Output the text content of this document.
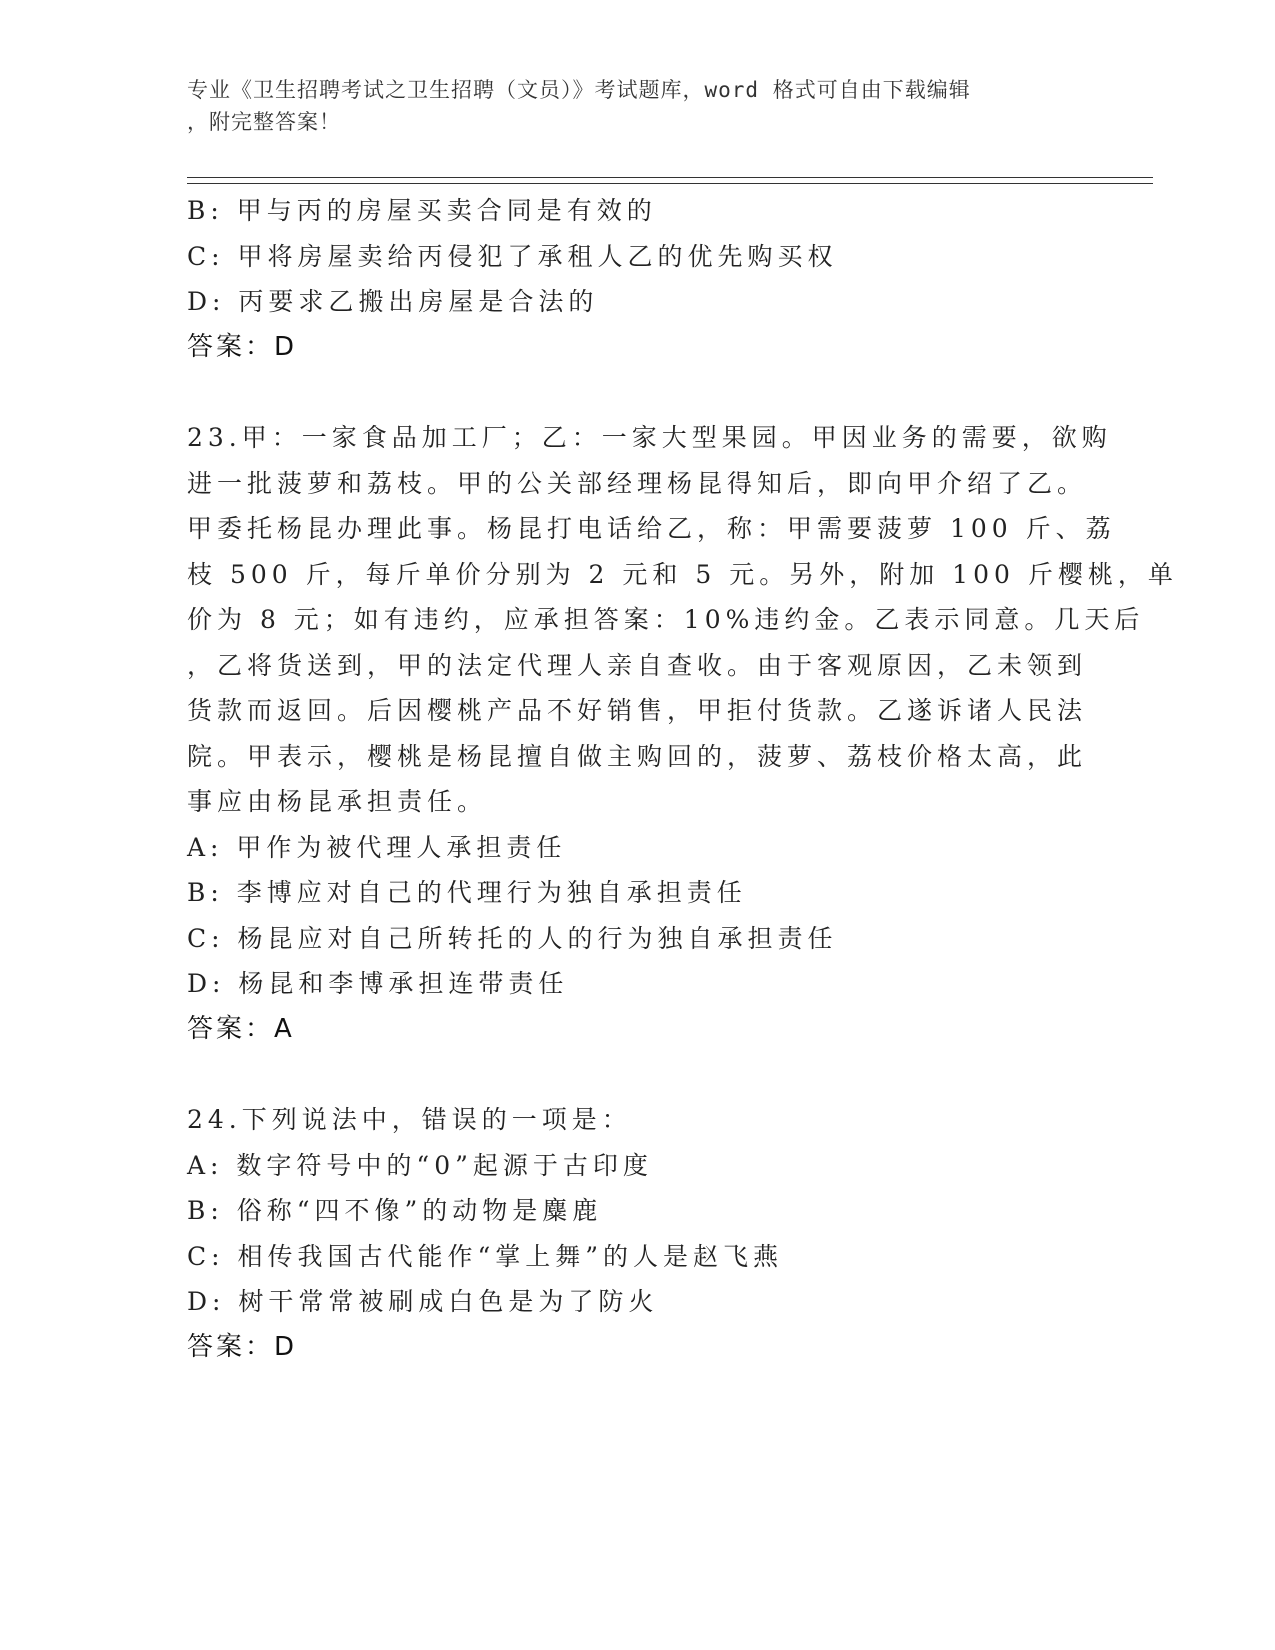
专业《卫生招聘考试之卫生招聘（文员）》考试题库，word 格式可自由下载编辑
，附完整答案！
B: 甲与丙的房屋买卖合同是有效的
C: 甲将房屋卖给丙侵犯了承租人乙的优先购买权
D: 丙要求乙搬出房屋是合法的
答案：D
23.甲：一家食品加工厂；乙：一家大型果园。甲因业务的需要，欲购
进一批菠萝和荔枝。甲的公关部经理杨昆得知后，即向甲介绍了乙。
甲委托杨昆办理此事。杨昆打电话给乙，称：甲需要菠萝 100 斤、荔
枝 500 斤，每斤单价分别为 2 元和 5 元。另外，附加 100 斤樱桃，单
价为 8 元；如有违约，应承担答案：10%违约金。乙表示同意。几天后
，乙将货送到，甲的法定代理人亲自查收。由于客观原因，乙未领到
货款而返回。后因樱桃产品不好销售，甲拒付货款。乙遂诉诸人民法
院。甲表示，樱桃是杨昆擅自做主购回的，菠萝、荔枝价格太高，此
事应由杨昆承担责任。
A: 甲作为被代理人承担责任
B: 李博应对自己的代理行为独自承担责任
C: 杨昆应对自己所转托的人的行为独自承担责任
D: 杨昆和李博承担连带责任
答案：A
24.下列说法中，错误的一项是：
A: 数字符号中的“0”起源于古印度
B: 俗称“四不像”的动物是麋鹿
C: 相传我国古代能作“掌上舞”的人是赵飞燕
D: 树干常常被刷成白色是为了防火
答案：D
